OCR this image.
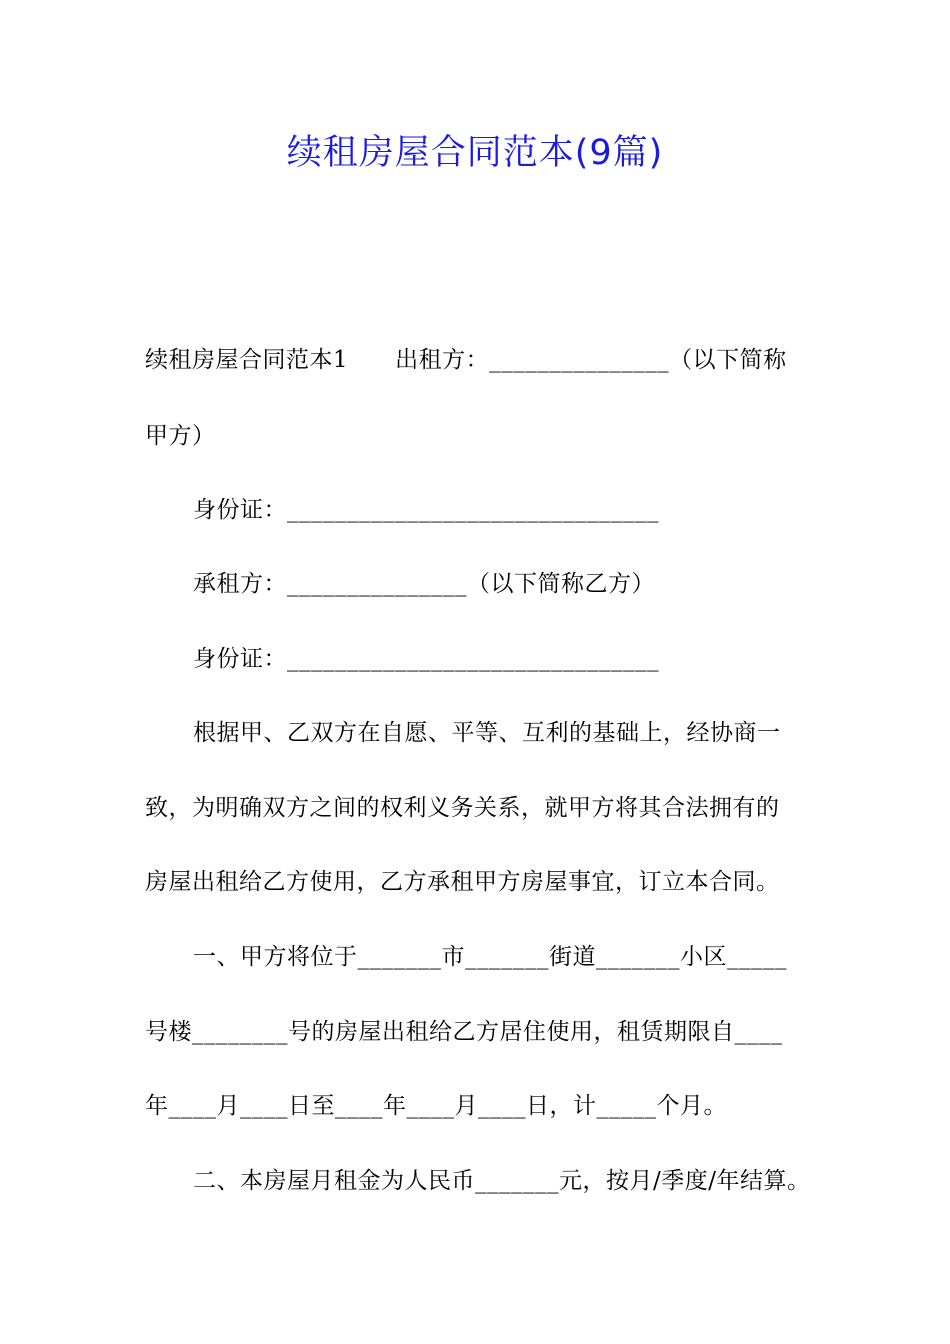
续租房屋合同范本(9篇)
续租房屋合同范本1　　出租方：_______________（以下简称
甲方）
身份证：_______________________________
承租方：_______________（以下简称乙方）
身份证：_______________________________
根据甲、乙双方在自愿、平等、互利的基础上，经协商一
致，为明确双方之间的权利义务关系，就甲方将其合法拥有的
房屋出租给乙方使用，乙方承租甲方房屋事宜，订立本合同。
一、甲方将位于_______市_______街道_______小区_____
号楼________号的房屋出租给乙方居住使用，租赁期限自____
年____月____日至____年____月____日，计_____个月。
二、本房屋月租金为人民币_______元，按月/季度/年结算。
